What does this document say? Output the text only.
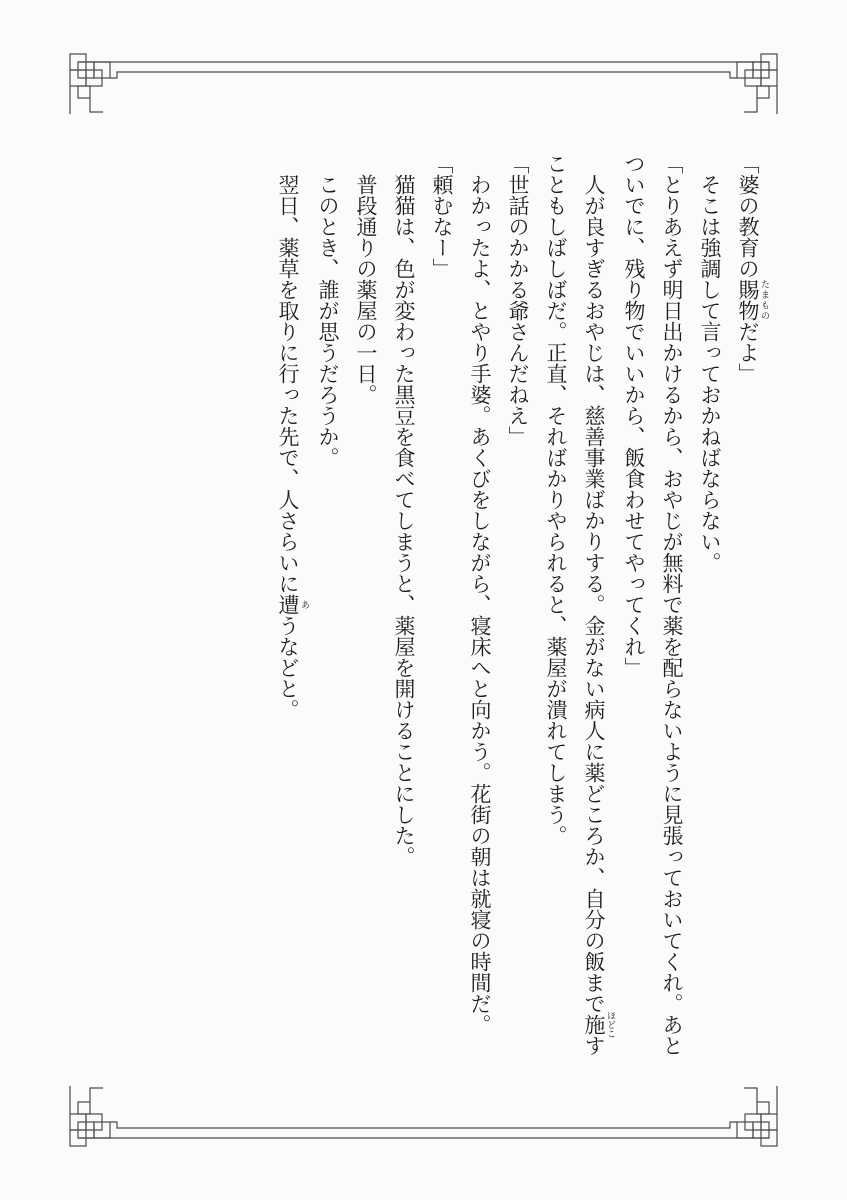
「婆の教育の賜 たま物 ものだよ」

そこは強調して言っておかねばならない。

「とりあえず明日出かけるから、おやじが無料で薬を配らないように見張っておいてくれ。あと

ついでに、残り物でいいから、飯食わせてやってくれ」

人が良すぎるおやじは、慈善事業ばかりする。金がない病人に薬どころか、自分の飯まで施 ほどこす

こともしばしばだ。正直、そればかりやられると、薬屋が潰れてしまう。

「世話のかかる爺さんだねえ」

わかったよ、とやり手婆。あくびをしながら、寝床へと向かう。花街の朝は就寝の時間だ。

「頼むなー」

猫猫は、色が変わった黒豆を食べてしまうと、薬屋を開けることにした。

普段通りの薬屋の一日。

このとき、誰が思うだろうか。

翌日、薬草を取りに行った先で、人さらいに遭 あうなどと。
